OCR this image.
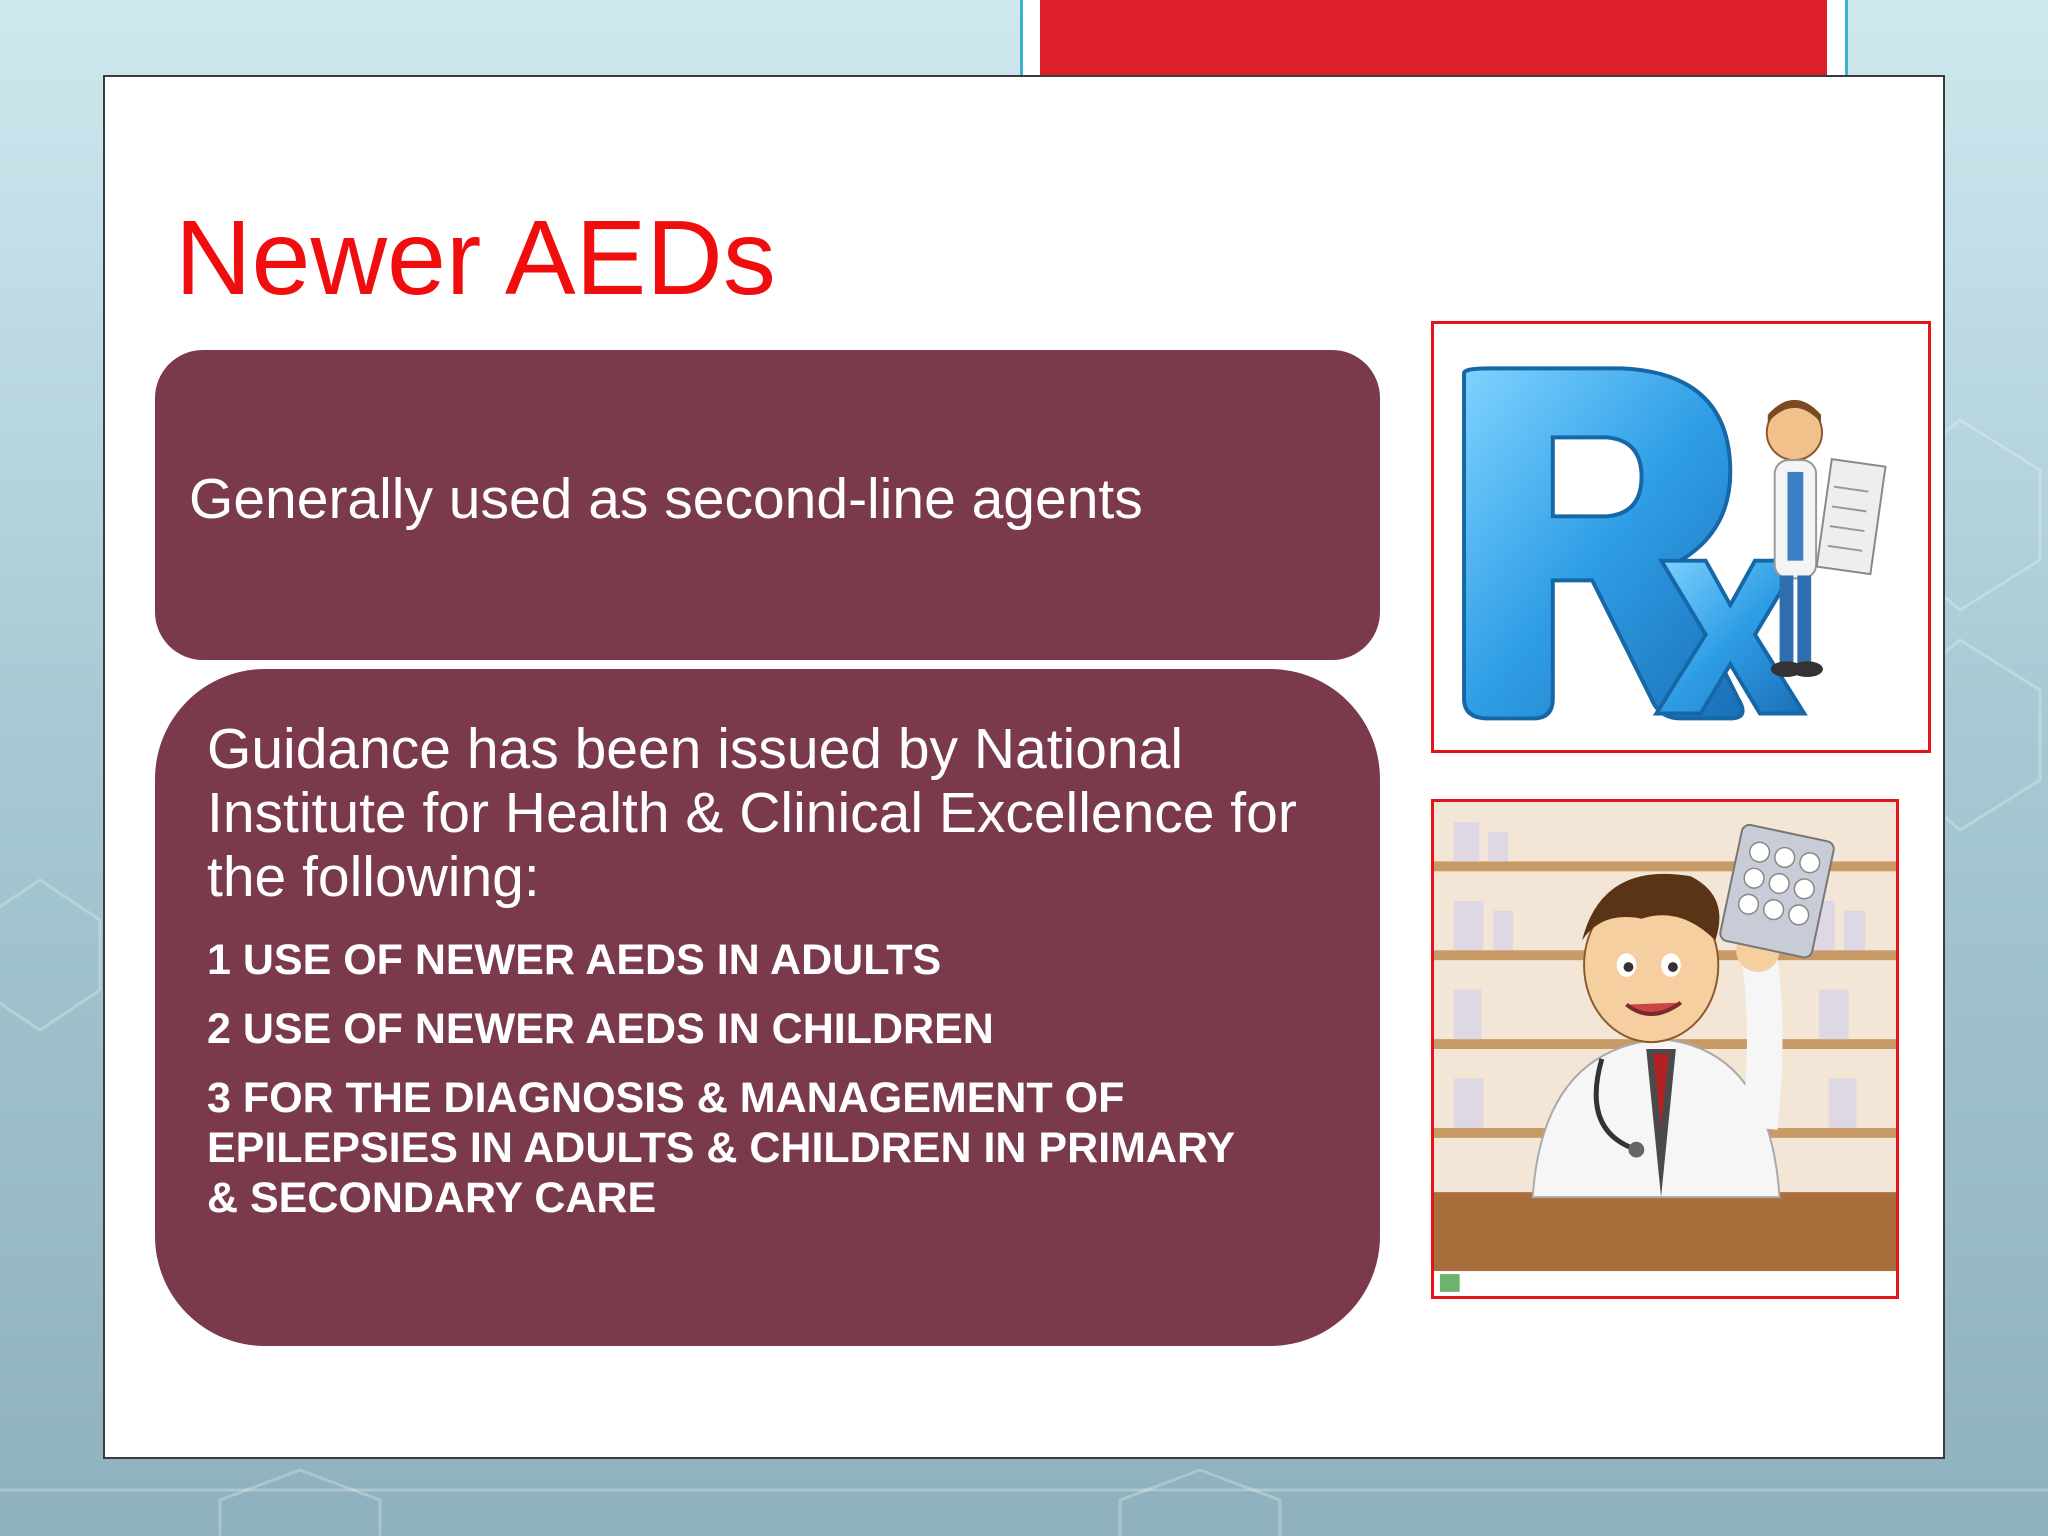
Newer AEDs
Generally used as second-line agents

Guidance has been issued by National Institute for Health & Clinical Excellence for the following:

1 USE OF NEWER AEDS IN ADULTS
2 USE OF NEWER AEDS IN CHILDREN
3 FOR THE DIAGNOSIS & MANAGEMENT OF EPILEPSIES IN ADULTS & CHILDREN IN PRIMARY & SECONDARY CARE
